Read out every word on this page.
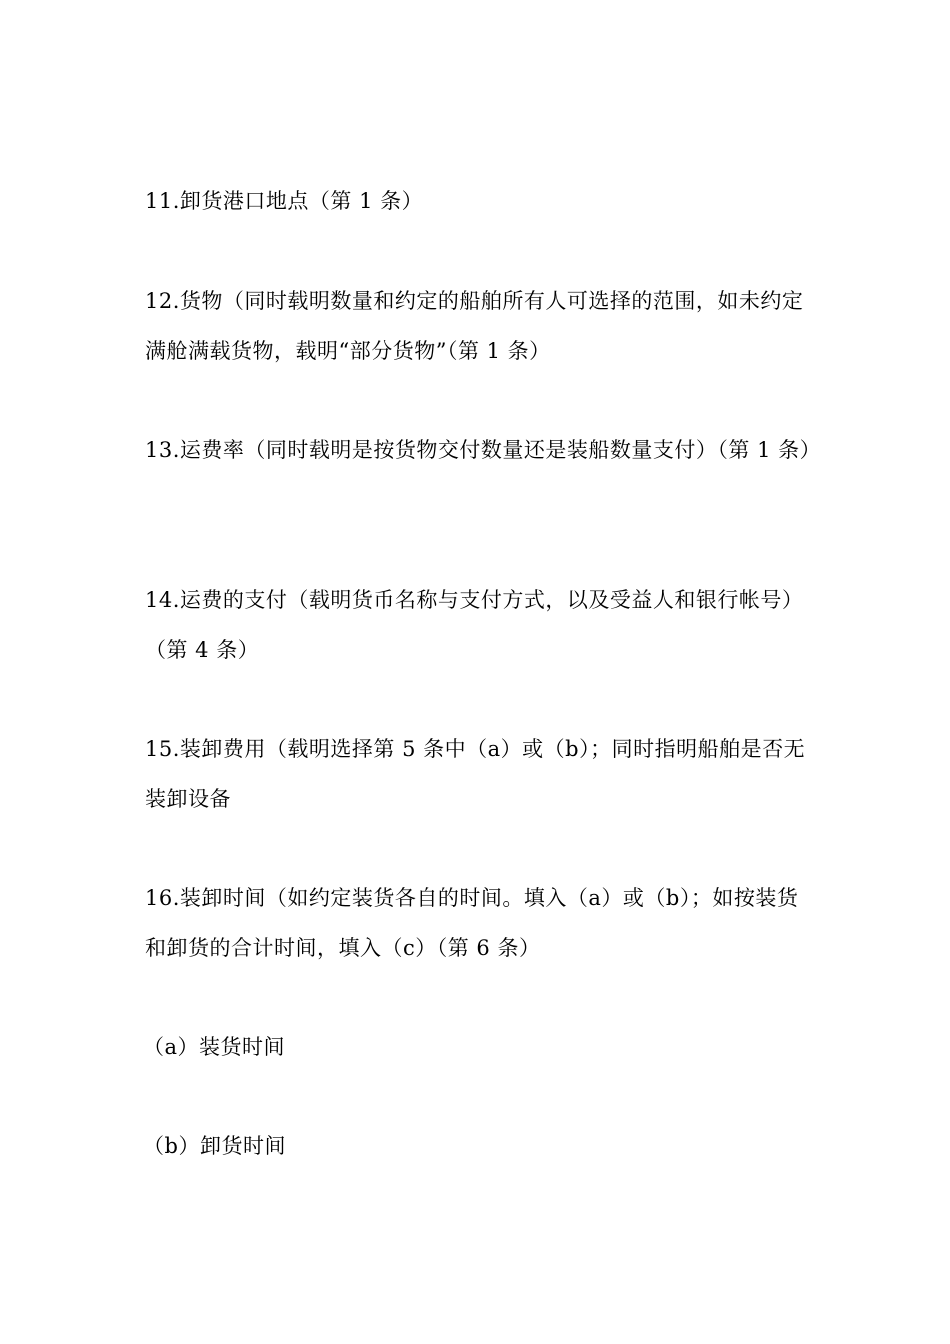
11.卸货港口地点（第 1 条）

12.货物（同时载明数量和约定的船舶所有人可选择的范围，如未约定满舱满载货物，载明“部分货物”（第 1 条）

13.运费率（同时载明是按货物交付数量还是装船数量支付）（第 1 条）

14.运费的支付（载明货币名称与支付方式，以及受益人和银行帐号）（第 4 条）

15.装卸费用（载明选择第 5 条中（a）或（b）；同时指明船舶是否无装卸设备

16.装卸时间（如约定装货各自的时间。填入（a）或（b）；如按装货和卸货的合计时间，填入（c）（第 6 条）

（a）装货时间

（b）卸货时间
